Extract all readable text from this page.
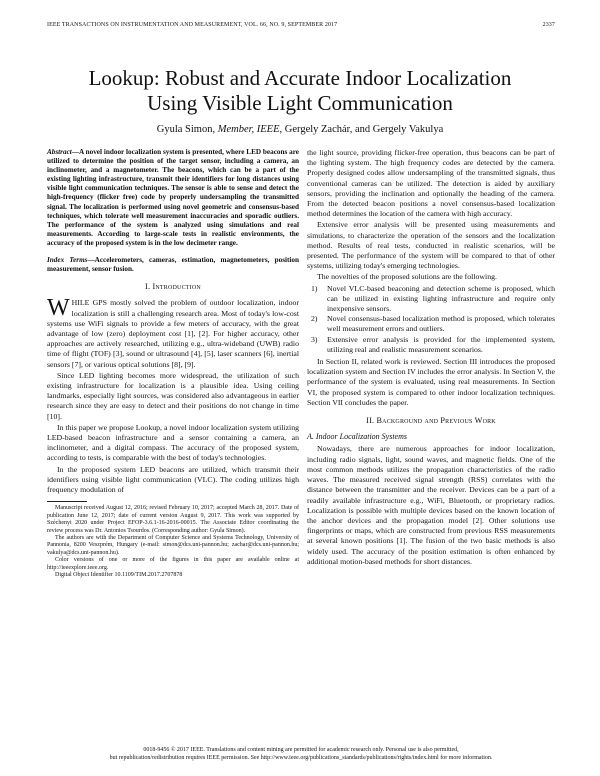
IEEE TRANSACTIONS ON INSTRUMENTATION AND MEASUREMENT, VOL. 66, NO. 9, SEPTEMBER 2017	2337
Lookup: Robust and Accurate Indoor Localization
Using Visible Light Communication
Gyula Simon, Member, IEEE, Gergely Zachár, and Gergely Vakulya

Abstract—A novel indoor localization system is presented, where LED beacons are utilized to determine the position of the target sensor, including a camera, an inclinometer, and a magnetometer. The beacons, which can be a part of the existing lighting infrastructure, transmit their identifiers for long distances using visible light communication techniques. The sensor is able to sense and detect the high-frequency (flicker free) code by properly undersampling the transmitted signal. The localization is performed using novel geometric and consensus-based techniques, which tolerate well measurement inaccuracies and sporadic outliers. The performance of the system is analyzed using simulations and real measurements. According to large-scale tests in realistic environments, the accuracy of the proposed system is in the low decimeter range.

Index Terms—Accelerometers, cameras, estimation, magnetometers, position measurement, sensor fusion.

I. Introduction

WHILE GPS mostly solved the problem of outdoor localization, indoor localization is still a challenging research area. Most of today's low-cost systems use WiFi signals to provide a few meters of accuracy, with the great advantage of low (zero) deployment cost [1], [2]. For higher accuracy, other approaches are actively researched, utilizing e.g., ultra-wideband (UWB) radio time of flight (TOF) [3], sound or ultrasound [4], [5], laser scanners [6], inertial sensors [7], or various optical solutions [8], [9].

Since LED lighting becomes more widespread, the utilization of such existing infrastructure for localization is a plausible idea. Using ceiling landmarks, especially light sources, was considered also advantageous in earlier research since they are easy to detect and their positions do not change in time [10].

In this paper we propose Lookup, a novel indoor localization system utilizing LED-based beacon infrastructure and a sensor containing a camera, an inclinometer, and a digital compass. The accuracy of the proposed system, according to tests, is comparable with the best of today's technologies.

In the proposed system LED beacons are utilized, which transmit their identifiers using visible light communication (VLC). The coding utilizes high frequency modulation of

Manuscript received August 12, 2016; revised February 10, 2017; accepted March 28, 2017. Date of publication June 12, 2017; date of current version August 9, 2017. This work was supported by Széchenyi 2020 under Project EFOP-3.6.1-16-2016-00015. The Associate Editor coordinating the review process was Dr. Antonios Tsourdos. (Corresponding author: Gyula Simon).

The authors are with the Department of Computer Science and Systems Technology, University of Pannonia, 8200 Veszprém, Hungary (e-mail: simon@dcs.uni-pannon.hu; zachar@dcs.uni-pannon.hu; vakulya@dcs.uni-pannon.hu).

Color versions of one or more of the figures in this paper are available online at http://ieeexplore.ieee.org.

Digital Object Identifier 10.1109/TIM.2017.2707878

the light source, providing flicker-free operation, thus beacons can be part of the lighting system. The high frequency codes are detected by the camera. Properly designed codes allow undersampling of the transmitted signals, thus conventional cameras can be utilized. The detection is aided by auxiliary sensors, providing the inclination and optionally the heading of the camera. From the detected beacon positions a novel consensus-based localization method determines the location of the camera with high accuracy.

Extensive error analysis will be presented using measurements and simulations, to characterize the operation of the sensors and the localization method. Results of real tests, conducted in realistic scenarios, will be presented. The performance of the system will be compared to that of other systems, utilizing today's emerging technologies.

The novelties of the proposed solutions are the following.

1) Novel VLC-based beaconing and detection scheme is proposed, which can be utilized in existing lighting infrastructure and require only inexpensive sensors.
2) Novel consensus-based localization method is proposed, which tolerates well measurement errors and outliers.
3) Extensive error analysis is provided for the implemented system, utilizing real and realistic measurement scenarios.

In Section II, related work is reviewed. Section III introduces the proposed localization system and Section IV includes the error analysis. In Section V, the performance of the system is evaluated, using real measurements. In Section VI, the proposed system is compared to other indoor localization techniques. Section VII concludes the paper.

II. Background and Previous Work
A. Indoor Localization Systems

Nowadays, there are numerous approaches for indoor localization, including radio signals, light, sound waves, and magnetic fields. One of the most common methods utilizes the propagation characteristics of the radio waves. The measured received signal strength (RSS) correlates with the distance between the transmitter and the receiver. Devices can be a part of a readily available infrastructure e.g., WiFi, Bluetooth, or proprietary radios. Localization is possible with multiple devices based on the known location of the anchor devices and the propagation model [2]. Other solutions use fingerprints or maps, which are constructed from previous RSS measurements at several known positions [1]. The fusion of the two basic methods is also widely used. The accuracy of the position estimation is often enhanced by additional motion-based methods for short distances.

0018-9456 © 2017 IEEE. Translations and content mining are permitted for academic research only. Personal use is also permitted,
but republication/redistribution requires IEEE permission. See http://www.ieee.org/publications_standards/publications/rights/index.html for more information.
